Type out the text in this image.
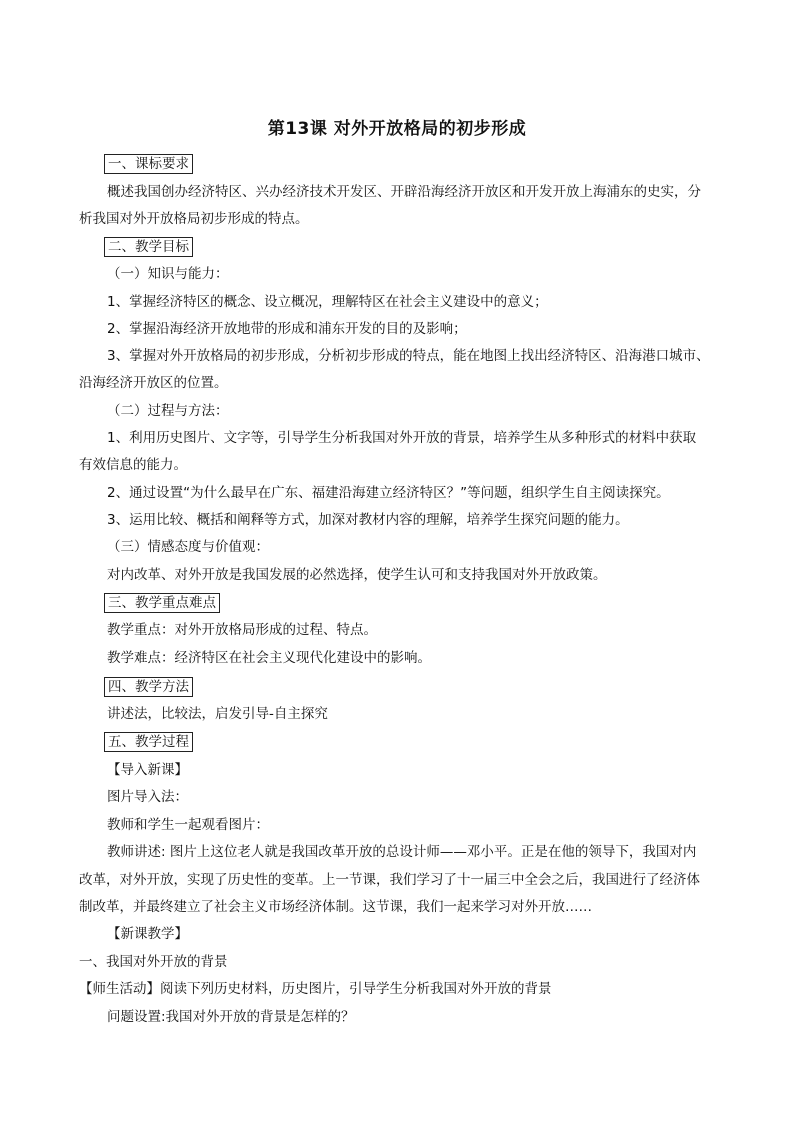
第13课 对外开放格局的初步形成
一、课标要求
概述我国创办经济特区、兴办经济技术开发区、开辟沿海经济开放区和开发开放上海浦东的史实，分
析我国对外开放格局初步形成的特点。
二、教学目标
（一）知识与能力：
1、掌握经济特区的概念、设立概况，理解特区在社会主义建设中的意义；
2、掌握沿海经济开放地带的形成和浦东开发的目的及影响；
3、掌握对外开放格局的初步形成，分析初步形成的特点，能在地图上找出经济特区、沿海港口城市、
沿海经济开放区的位置。
（二）过程与方法：
1、利用历史图片、文字等，引导学生分析我国对外开放的背景，培养学生从多种形式的材料中获取
有效信息的能力。
2、通过设置“为什么最早在广东、福建沿海建立经济特区？”等问题，组织学生自主阅读探究。
3、运用比较、概括和阐释等方式，加深对教材内容的理解，培养学生探究问题的能力。
（三）情感态度与价值观：
对内改革、对外开放是我国发展的必然选择，使学生认可和支持我国对外开放政策。
三、教学重点难点
教学重点：对外开放格局形成的过程、特点。
教学难点：经济特区在社会主义现代化建设中的影响。
四、教学方法
讲述法，比较法，启发引导-自主探究
五、教学过程
【导入新课】
图片导入法：
教师和学生一起观看图片：
教师讲述: 图片上这位老人就是我国改革开放的总设计师——邓小平。正是在他的领导下，我国对内
改革，对外开放，实现了历史性的变革。上一节课，我们学习了十一届三中全会之后，我国进行了经济体
制改革，并最终建立了社会主义市场经济体制。这节课，我们一起来学习对外开放……
【新课教学】
一、我国对外开放的背景
【师生活动】阅读下列历史材料，历史图片，引导学生分析我国对外开放的背景
问题设置:我国对外开放的背景是怎样的？
